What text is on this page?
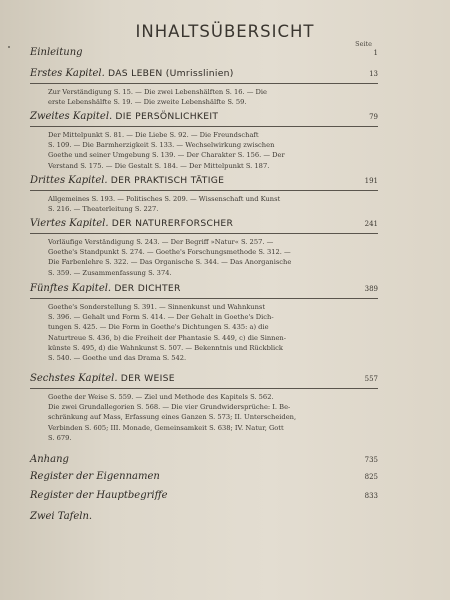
INHALTSÜBERSICHT
Seite
Einleitung	1
Erstes Kapitel. DAS LEBEN (Umrisslinien)	13
Zur Verständigung S. 15. — Die zwei Lebenshälften S. 16. — Die
erste Lebenshälfte S. 19. — Die zweite Lebenshälfte S. 59.
Zweites Kapitel. DIE PERSÖNLICHKEIT	79
Der Mittelpunkt S. 81. — Die Liebe S. 92. — Die Freundschaft
S. 109. — Die Barmherzigkeit S. 133. — Wechselwirkung zwischen
Goethe und seiner Umgebung S. 139. — Der Charakter S. 156. — Der
Verstand S. 175. — Die Gestalt S. 184. — Der Mittelpunkt S. 187.
Drittes Kapitel. DER PRAKTISCH TÄTIGE	191
Allgemeines S. 193. — Politisches S. 209. — Wissenschaft und Kunst
S. 216. — Theaterleitung S. 227.
Viertes Kapitel. DER NATURERFORSCHER	241
Vorläufige Verständigung S. 243. — Der Begriff »Natur« S. 257. —
Goethe's Standpunkt S. 274. — Goethe's Forschungsmethode S. 312. —
Die Farbenlehre S. 322. — Das Organische S. 344. — Das Anorganische
S. 359. — Zusammenfassung S. 374.
Fünftes Kapitel. DER DICHTER	389
Goethe's Sonderstellung S. 391. — Sinnenkunst und Wahnkunst
S. 396. — Gehalt und Form S. 414. — Der Gehalt in Goethe's Dich-
tungen S. 425. — Die Form in Goethe's Dichtungen S. 435: a) die
Naturtreue S. 436, b) die Freiheit der Phantasie S. 449, c) die Sinnen-
künste S. 495, d) die Wahnkunst S. 507. — Bekenntnis und Rückblick
S. 540. — Goethe und das Drama S. 542.
Sechstes Kapitel. DER WEISE	557
Goethe der Weise S. 559. — Ziel und Methode des Kapitels S. 562.
Die zwei Grundallegorien S. 568. — Die vier Grundwidersprüche: I. Be-
schränkung auf Mass, Erfassung eines Ganzen S. 573; II. Unterscheiden,
Verbinden S. 605; III. Monade, Gemeinsamkeit S. 638; IV. Natur, Gott
S. 679.
Anhang	735
Register der Eigennamen	825
Register der Hauptbegriffe	833
Zwei Tafeln.
